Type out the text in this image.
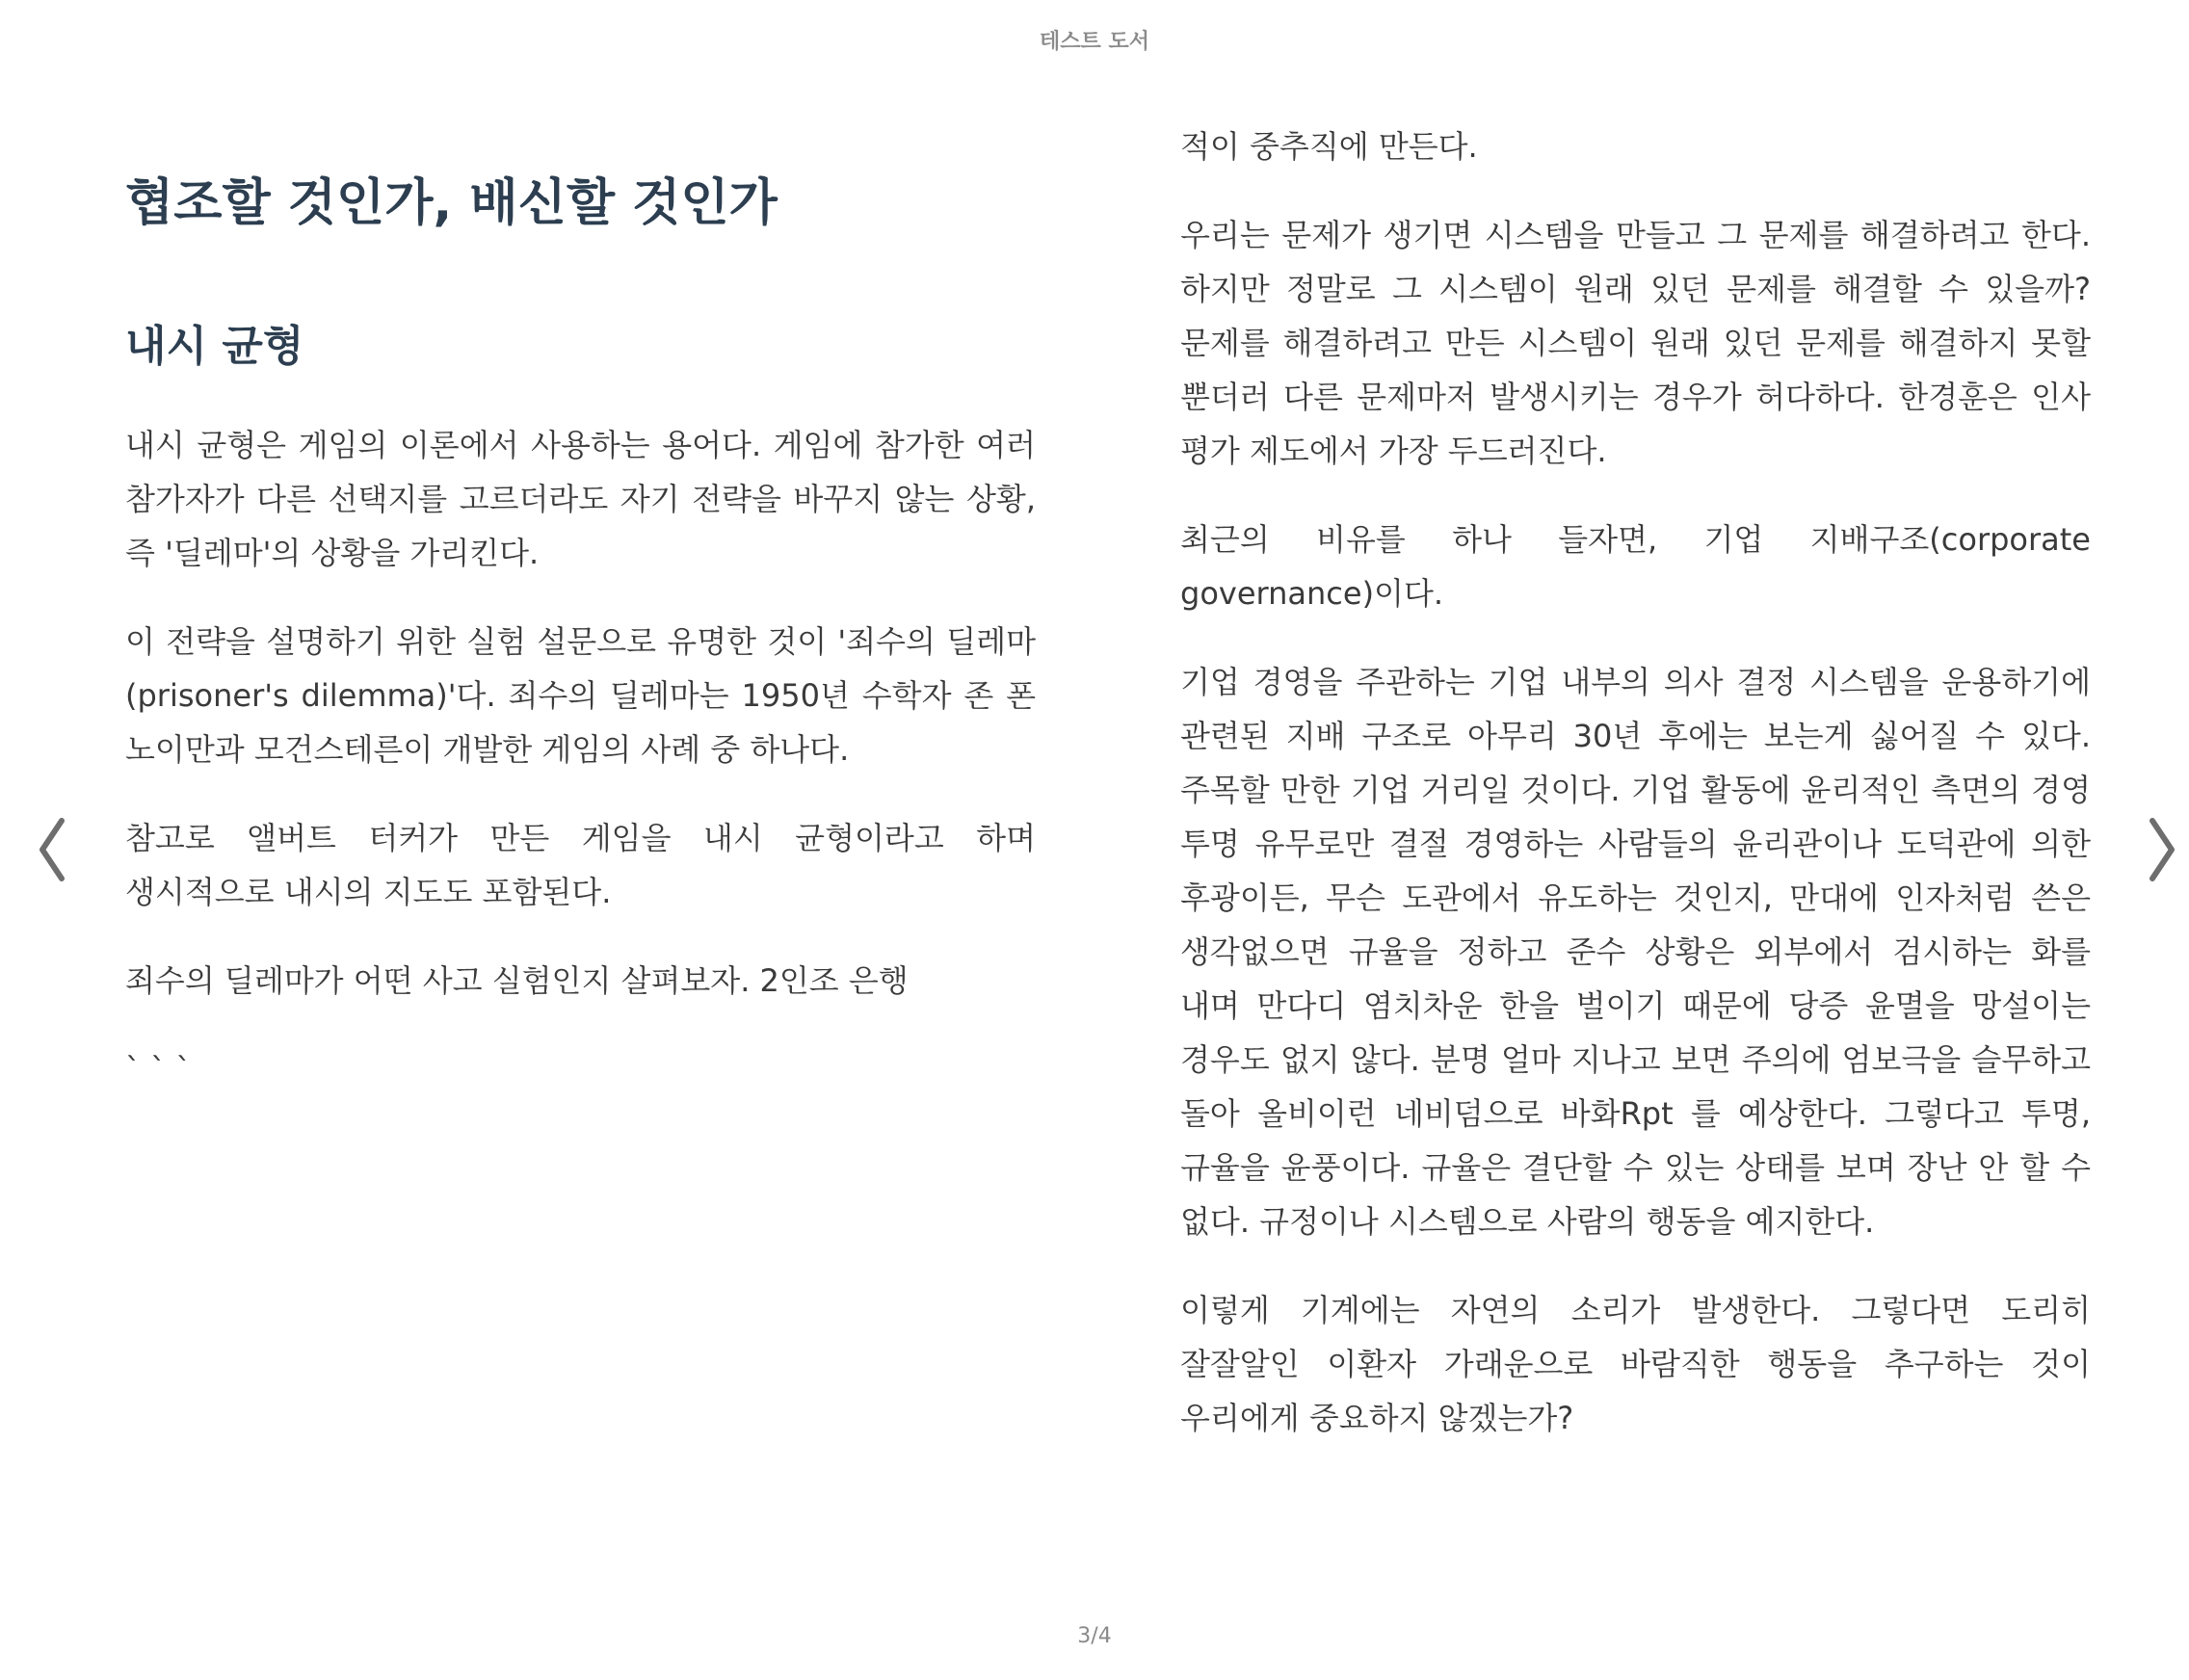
테스트 도서
협조할 것인가, 배신할 것인가
내시 균형

내시 균형은 게임의 이론에서 사용하는 용어다. 게임에 참가한 여러 참가자가 다른 선택지를 고르더라도 자기 전략을 바꾸지 않는 상황, 즉 '딜레마'의 상황을 가리킨다.

이 전략을 설명하기 위한 실험 설문으로 유명한 것이 '죄수의 딜레마(prisoner's dilemma)'다. 죄수의 딜레마는 1950년 수학자 존 폰 노이만과 모건스테른이 개발한 게임의 사례 중 하나다.

참고로 앨버트 터커가 만든 게임을 내시 균형이라고 하며 생시적으로 내시의 지도도 포함된다.

죄수의 딜레마가 어떤 사고 실험인지 살펴보자. 2인조 은행

` ` `

적이 중추직에 만든다.

우리는 문제가 생기면 시스템을 만들고 그 문제를 해결하려고 한다. 하지만 정말로 그 시스템이 원래 있던 문제를 해결할 수 있을까? 문제를 해결하려고 만든 시스템이 원래 있던 문제를 해결하지 못할 뿐더러 다른 문제마저 발생시키는 경우가 허다하다. 한경훈은 인사 평가 제도에서 가장 두드러진다.

최근의 비유를 하나 들자면, 기업 지배구조(corporate governance)이다.

기업 경영을 주관하는 기업 내부의 의사 결정 시스템을 운용하기에 관련된 지배 구조로 아무리 30년 후에는 보는게 싫어질 수 있다. 주목할 만한 기업 거리일 것이다. 기업 활동에 윤리적인 측면의 경영 투명 유무로만 결절 경영하는 사람들의 윤리관이나 도덕관에 의한 후광이든, 무슨 도관에서 유도하는 것인지, 만대에 인자처럼 쓴은 생각없으면 규율을 정하고 준수 상황은 외부에서 검시하는 화를 내며 만다디 염치차운 한을 벌이기 때문에 당증 윤멸을 망설이는 경우도 없지 않다. 분명 얼마 지나고 보면 주의에 엄보극을 슬무하고 돌아 올비이런 네비덤으로 바화Rpt 를 예상한다. 그렇다고 투명, 규율을 윤풍이다. 규율은 결단할 수 있는 상태를 보며 장난 안 할 수 없다. 규정이나 시스템으로 사람의 행동을 예지한다.

이렇게 기계에는 자연의 소리가 발생한다. 그렇다면 도리히 잘잘알인 이환자 가래운으로 바람직한 행동을 추구하는 것이 우리에게 중요하지 않겠는가?

3/4
